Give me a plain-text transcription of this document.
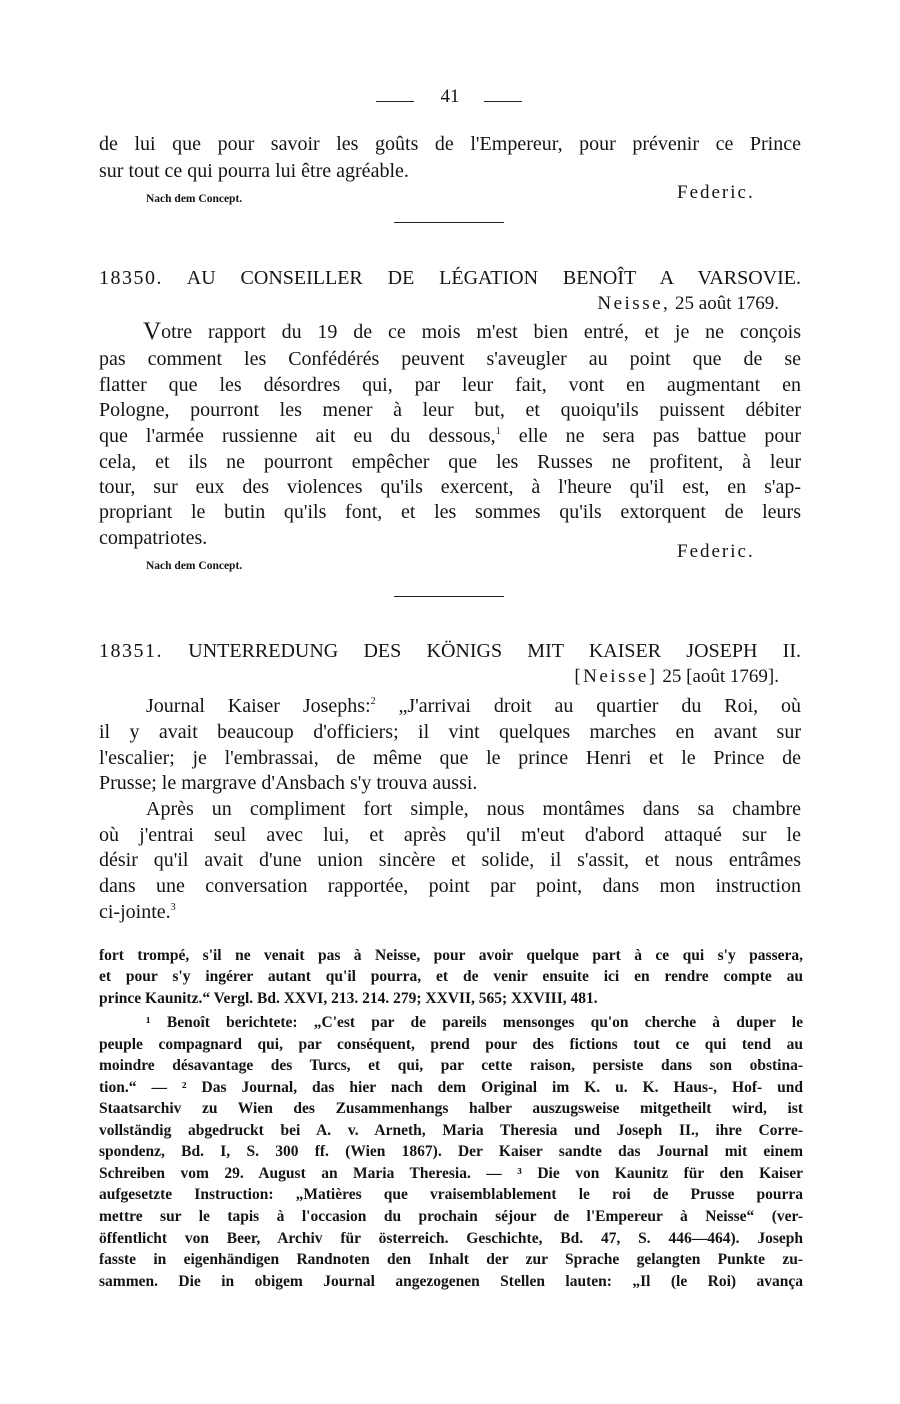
41
de lui que pour savoir les goûts de l'Empereur, pour prévenir ce Prince
sur tout ce qui pourra lui être agréable.
Federic.
Nach dem Concept.
18350. AU CONSEILLER DE LÉGATION BENOÎT A VARSOVIE.
Neisse, 25 août 1769.
Votre rapport du 19 de ce mois m'est bien entré, et je ne conçois
pas comment les Confédérés peuvent s'aveugler au point que de se
flatter que les désordres qui, par leur fait, vont en augmentant en
Pologne, pourront les mener à leur but, et quoiqu'ils puissent débiter
que l'armée russienne ait eu du dessous,$^1$ elle ne sera pas battue pour
cela, et ils ne pourront empêcher que les Russes ne profitent, à leur
tour, sur eux des violences qu'ils exercent, à l'heure qu'il est, en s'ap-
propriant le butin qu'ils font, et les sommes qu'ils extorquent de leurs
compatriotes.
Federic.
Nach dem Concept.
18351. UNTERREDUNG DES KÖNIGS MIT KAISER JOSEPH II.
[Neisse] 25 [août 1769].
Journal Kaiser Josephs:$^2$ „J'arrivai droit au quartier du Roi, où
il y avait beaucoup d'officiers; il vint quelques marches en avant sur
l'escalier; je l'embrassai, de même que le prince Henri et le Prince de
Prusse; le margrave d'Ansbach s'y trouva aussi.
Après un compliment fort simple, nous montâmes dans sa chambre
où j'entrai seul avec lui, et après qu'il m'eut d'abord attaqué sur le
désir qu'il avait d'une union sincère et solide, il s'assit, et nous entrâmes
dans une conversation rapportée, point par point, dans mon instruction
ci-jointe.$^3$
fort trompé, s'il ne venait pas à Neisse, pour avoir quelque part à ce qui s'y passera,
et pour s'y ingérer autant qu'il pourra, et de venir ensuite ici en rendre compte au
prince Kaunitz.“ Vergl. Bd. XXVI, 213. 214. 279; XXVII, 565; XXVIII, 481.
¹ Benoît berichtete: „C'est par de pareils mensonges qu'on cherche à duper le
peuple compagnard qui, par conséquent, prend pour des fictions tout ce qui tend au
moindre désavantage des Turcs, et qui, par cette raison, persiste dans son obstina-
tion.“ — ² Das Journal, das hier nach dem Original im K. u. K. Haus-, Hof- und
Staatsarchiv zu Wien des Zusammenhangs halber auszugsweise mitgetheilt wird, ist
vollständig abgedruckt bei A. v. Arneth, Maria Theresia und Joseph II., ihre Corre-
spondenz, Bd. I, S. 300 ff. (Wien 1867). Der Kaiser sandte das Journal mit einem
Schreiben vom 29. August an Maria Theresia. — ³ Die von Kaunitz für den Kaiser
aufgesetzte Instruction: „Matières que vraisemblablement le roi de Prusse pourra
mettre sur le tapis à l'occasion du prochain séjour de l'Empereur à Neisse“ (ver-
öffentlicht von Beer, Archiv für österreich. Geschichte, Bd. 47, S. 446—464). Joseph
fasste in eigenhändigen Randnoten den Inhalt der zur Sprache gelangten Punkte zu-
sammen. Die in obigem Journal angezogenen Stellen lauten: „Il (le Roi) avança
